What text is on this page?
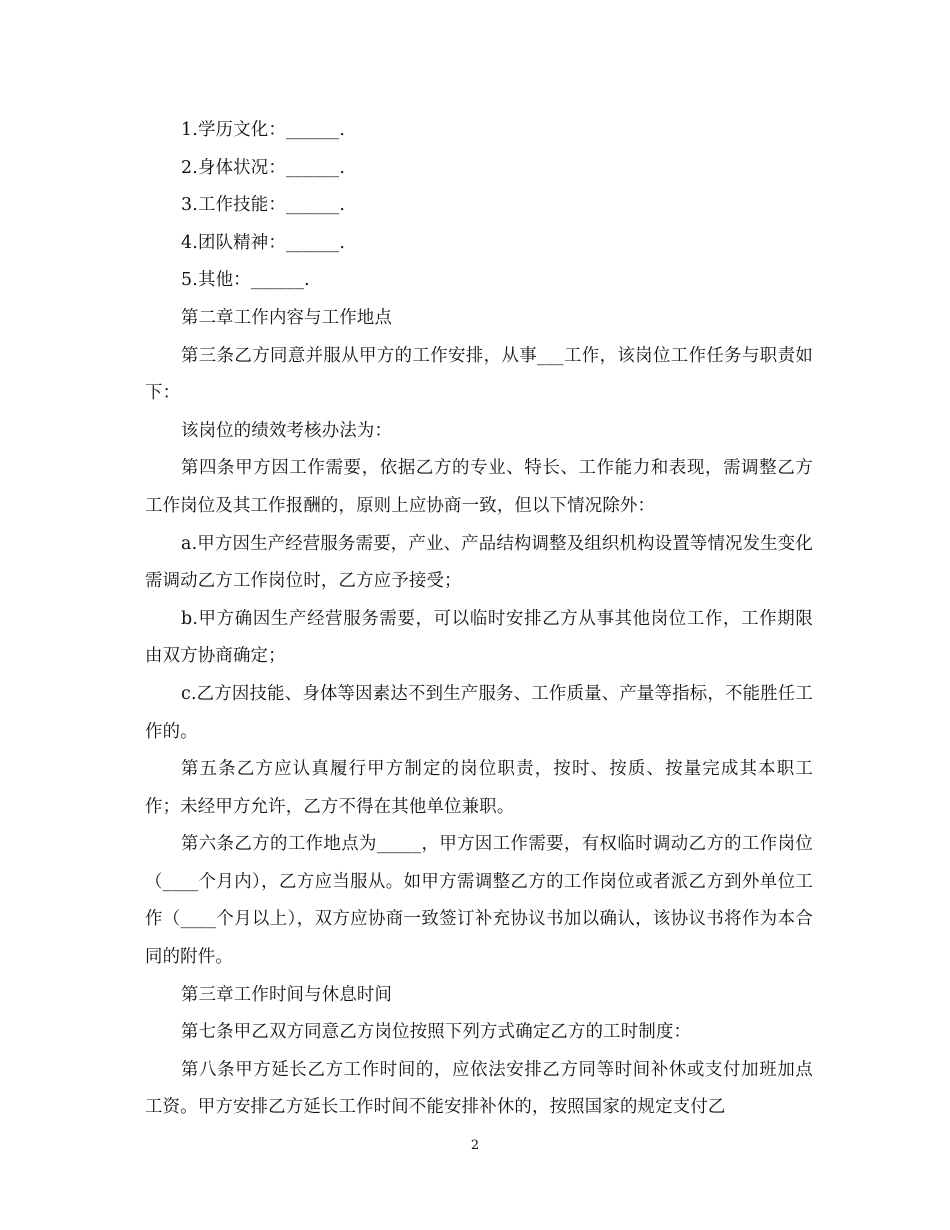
1.学历文化：______.

2.身体状况：______.

3.工作技能：______.

4.团队精神：______.

5.其他：______.

第二章工作内容与工作地点

第三条乙方同意并服从甲方的工作安排，从事___工作，该岗位工作任务与职责如下：

该岗位的绩效考核办法为：

第四条甲方因工作需要，依据乙方的专业、特长、工作能力和表现，需调整乙方工作岗位及其工作报酬的，原则上应协商一致，但以下情况除外：

a.甲方因生产经营服务需要，产业、产品结构调整及组织机构设置等情况发生变化需调动乙方工作岗位时，乙方应予接受；

b.甲方确因生产经营服务需要，可以临时安排乙方从事其他岗位工作，工作期限由双方协商确定；

c.乙方因技能、身体等因素达不到生产服务、工作质量、产量等指标，不能胜任工作的。

第五条乙方应认真履行甲方制定的岗位职责，按时、按质、按量完成其本职工作；未经甲方允许，乙方不得在其他单位兼职。

第六条乙方的工作地点为_____，甲方因工作需要，有权临时调动乙方的工作岗位（____个月内），乙方应当服从。如甲方需调整乙方的工作岗位或者派乙方到外单位工作（____个月以上），双方应协商一致签订补充协议书加以确认，该协议书将作为本合同的附件。

第三章工作时间与休息时间

第七条甲乙双方同意乙方岗位按照下列方式确定乙方的工时制度：

第八条甲方延长乙方工作时间的，应依法安排乙方同等时间补休或支付加班加点工资。甲方安排乙方延长工作时间不能安排补休的，按照国家的规定支付乙

2
